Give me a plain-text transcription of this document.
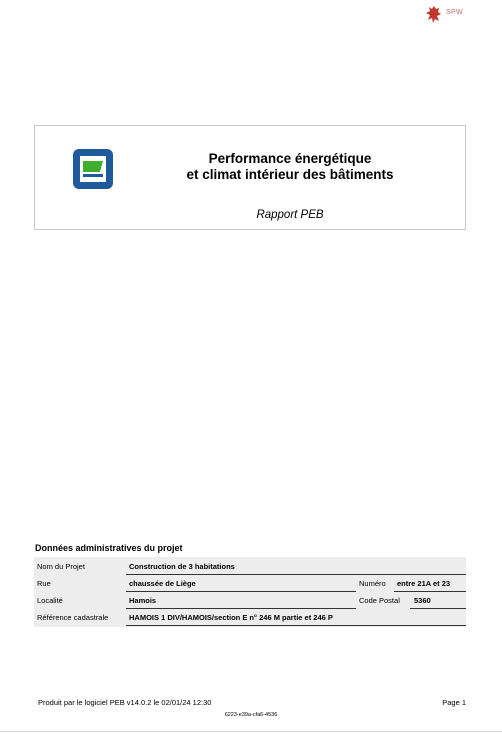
SPW
Performance énergétique
et climat intérieur des bâtiments
Rapport PEB
Données administratives du projet
Nom du Projet	Construction de 3 habitations
Rue	chaussée de Liège	Numéro entre 21A et 23
Localité	Hamois	Code Postal 5360
Référence cadastrale	HAMOIS 1 DIV/HAMOIS/section E n° 246 M partie et 246 P
Produit par le logiciel PEB v14.0.2 le 02/01/24 12:30	Page 1
6223-e39a-cfa6-4536
